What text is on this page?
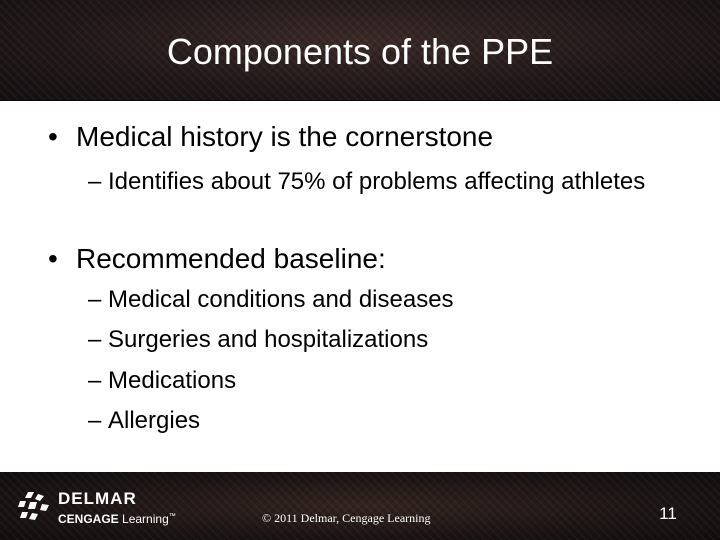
Components of the PPE
• Medical history is the cornerstone
– Identifies about 75% of problems affecting athletes
• Recommended baseline:
– Medical conditions and diseases
– Surgeries and hospitalizations
– Medications
– Allergies
DELMAR
CENGAGE Learning™	© 2011 Delmar, Cengage Learning	11
